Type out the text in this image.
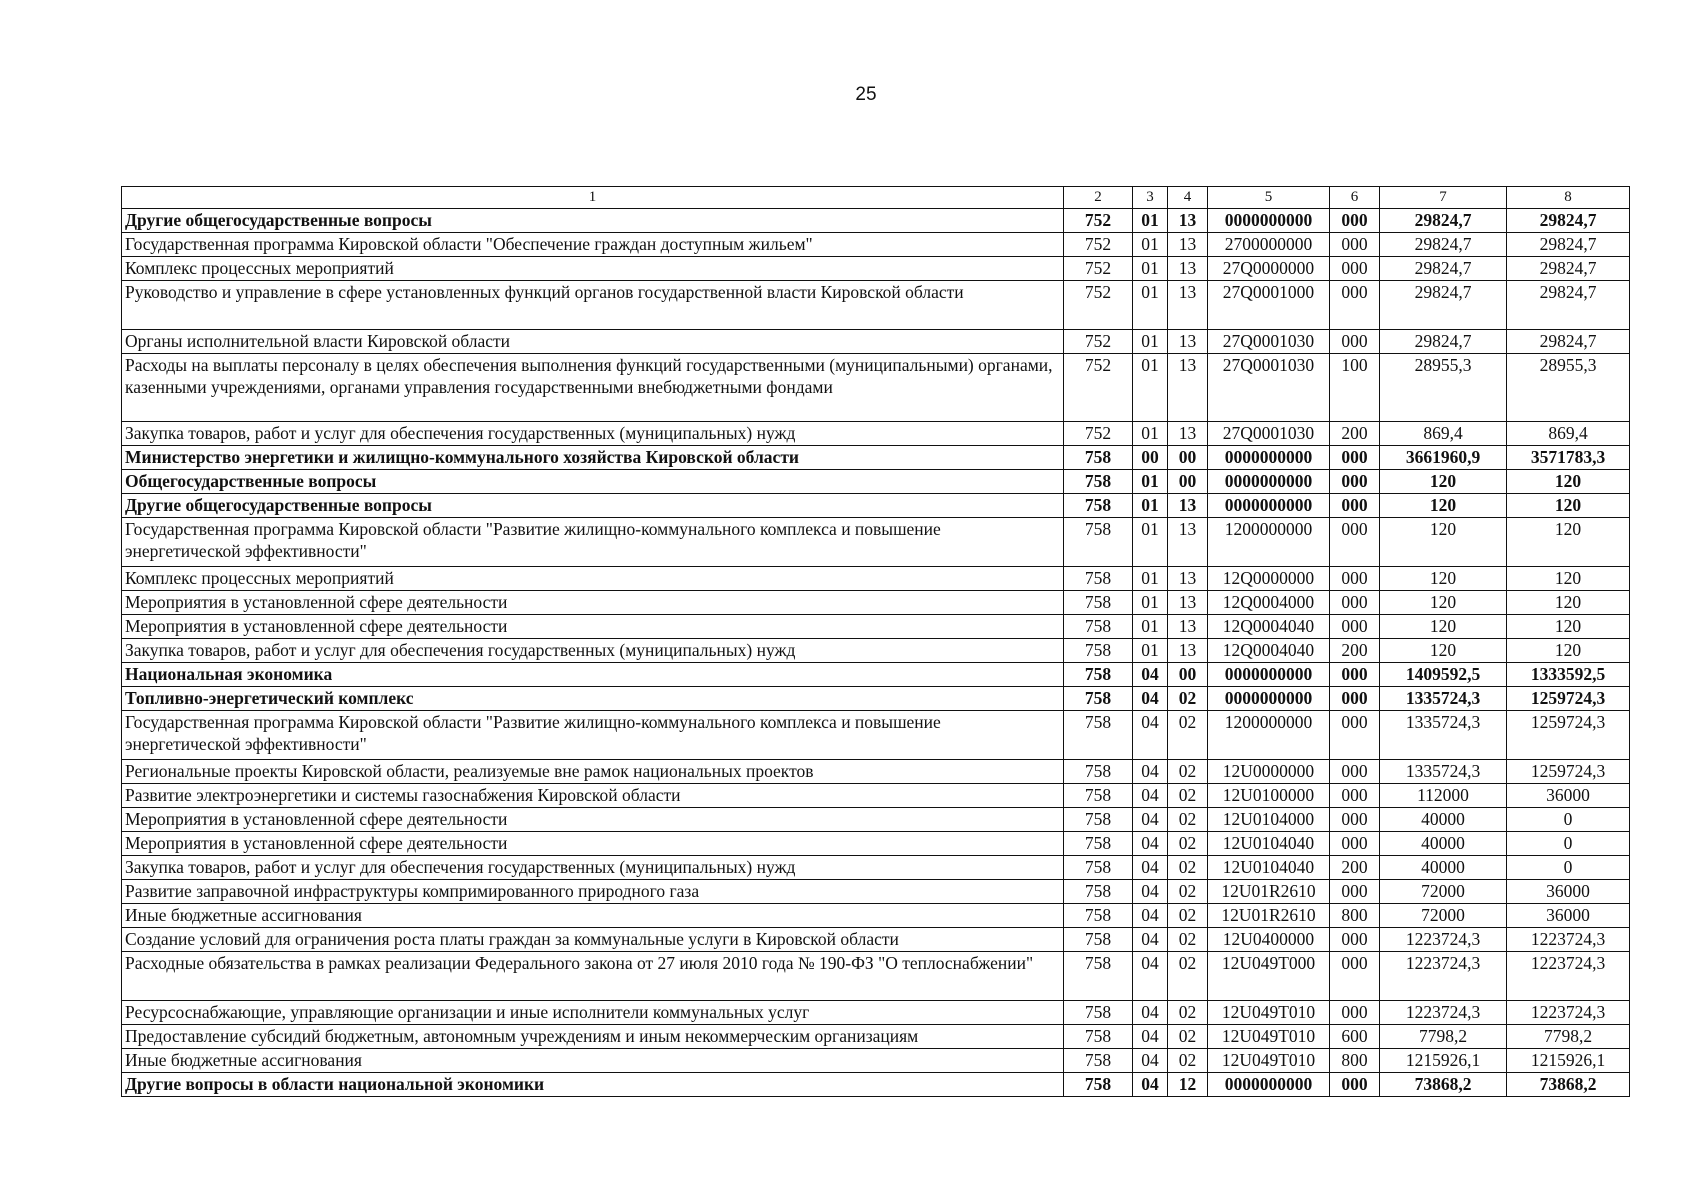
25
1	2	3	4	5	6	7	8
Другие общегосударственные вопросы	752	01	13	0000000000	000	29824,7	29824,7
Государственная программа Кировской области "Обеспечение граждан доступным жильем"	752	01	13	2700000000	000	29824,7	29824,7
Комплекс процессных мероприятий	752	01	13	27Q0000000	000	29824,7	29824,7
Руководство и управление в сфере установленных функций органов государственной власти Кировской области	752	01	13	27Q0001000	000	29824,7	29824,7
Органы исполнительной власти Кировской области	752	01	13	27Q0001030	000	29824,7	29824,7
Расходы на выплаты персоналу в целях обеспечения выполнения функций государственными (муниципальными) органами, казенными учреждениями, органами управления государственными внебюджетными фондами	752	01	13	27Q0001030	100	28955,3	28955,3
Закупка товаров, работ и услуг для обеспечения государственных (муниципальных) нужд	752	01	13	27Q0001030	200	869,4	869,4
Министерство энергетики и жилищно-коммунального хозяйства Кировской области	758	00	00	0000000000	000	3661960,9	3571783,3
Общегосударственные вопросы	758	01	00	0000000000	000	120	120
Другие общегосударственные вопросы	758	01	13	0000000000	000	120	120
Государственная программа Кировской области "Развитие жилищно-коммунального комплекса и повышение энергетической эффективности"	758	01	13	1200000000	000	120	120
Комплекс процессных мероприятий	758	01	13	12Q0000000	000	120	120
Мероприятия в установленной сфере деятельности	758	01	13	12Q0004000	000	120	120
Мероприятия в установленной сфере деятельности	758	01	13	12Q0004040	000	120	120
Закупка товаров, работ и услуг для обеспечения государственных (муниципальных) нужд	758	01	13	12Q0004040	200	120	120
Национальная экономика	758	04	00	0000000000	000	1409592,5	1333592,5
Топливно-энергетический комплекс	758	04	02	0000000000	000	1335724,3	1259724,3
Государственная программа Кировской области "Развитие жилищно-коммунального комплекса и повышение энергетической эффективности"	758	04	02	1200000000	000	1335724,3	1259724,3
Региональные проекты Кировской области, реализуемые вне рамок национальных проектов	758	04	02	12U0000000	000	1335724,3	1259724,3
Развитие электроэнергетики и системы газоснабжения Кировской области	758	04	02	12U0100000	000	112000	36000
Мероприятия в установленной сфере деятельности	758	04	02	12U0104000	000	40000	0
Мероприятия в установленной сфере деятельности	758	04	02	12U0104040	000	40000	0
Закупка товаров, работ и услуг для обеспечения государственных (муниципальных) нужд	758	04	02	12U0104040	200	40000	0
Развитие заправочной инфраструктуры компримированного природного газа	758	04	02	12U01R2610	000	72000	36000
Иные бюджетные ассигнования	758	04	02	12U01R2610	800	72000	36000
Создание условий для ограничения роста платы граждан за коммунальные услуги в Кировской области	758	04	02	12U0400000	000	1223724,3	1223724,3
Расходные обязательства в рамках реализации Федерального закона от 27 июля 2010 года № 190-ФЗ "О теплоснабжении"	758	04	02	12U049T000	000	1223724,3	1223724,3
Ресурсоснабжающие, управляющие организации и иные исполнители коммунальных услуг	758	04	02	12U049T010	000	1223724,3	1223724,3
Предоставление субсидий бюджетным, автономным учреждениям и иным некоммерческим организациям	758	04	02	12U049T010	600	7798,2	7798,2
Иные бюджетные ассигнования	758	04	02	12U049T010	800	1215926,1	1215926,1
Другие вопросы в области национальной экономики	758	04	12	0000000000	000	73868,2	73868,2
